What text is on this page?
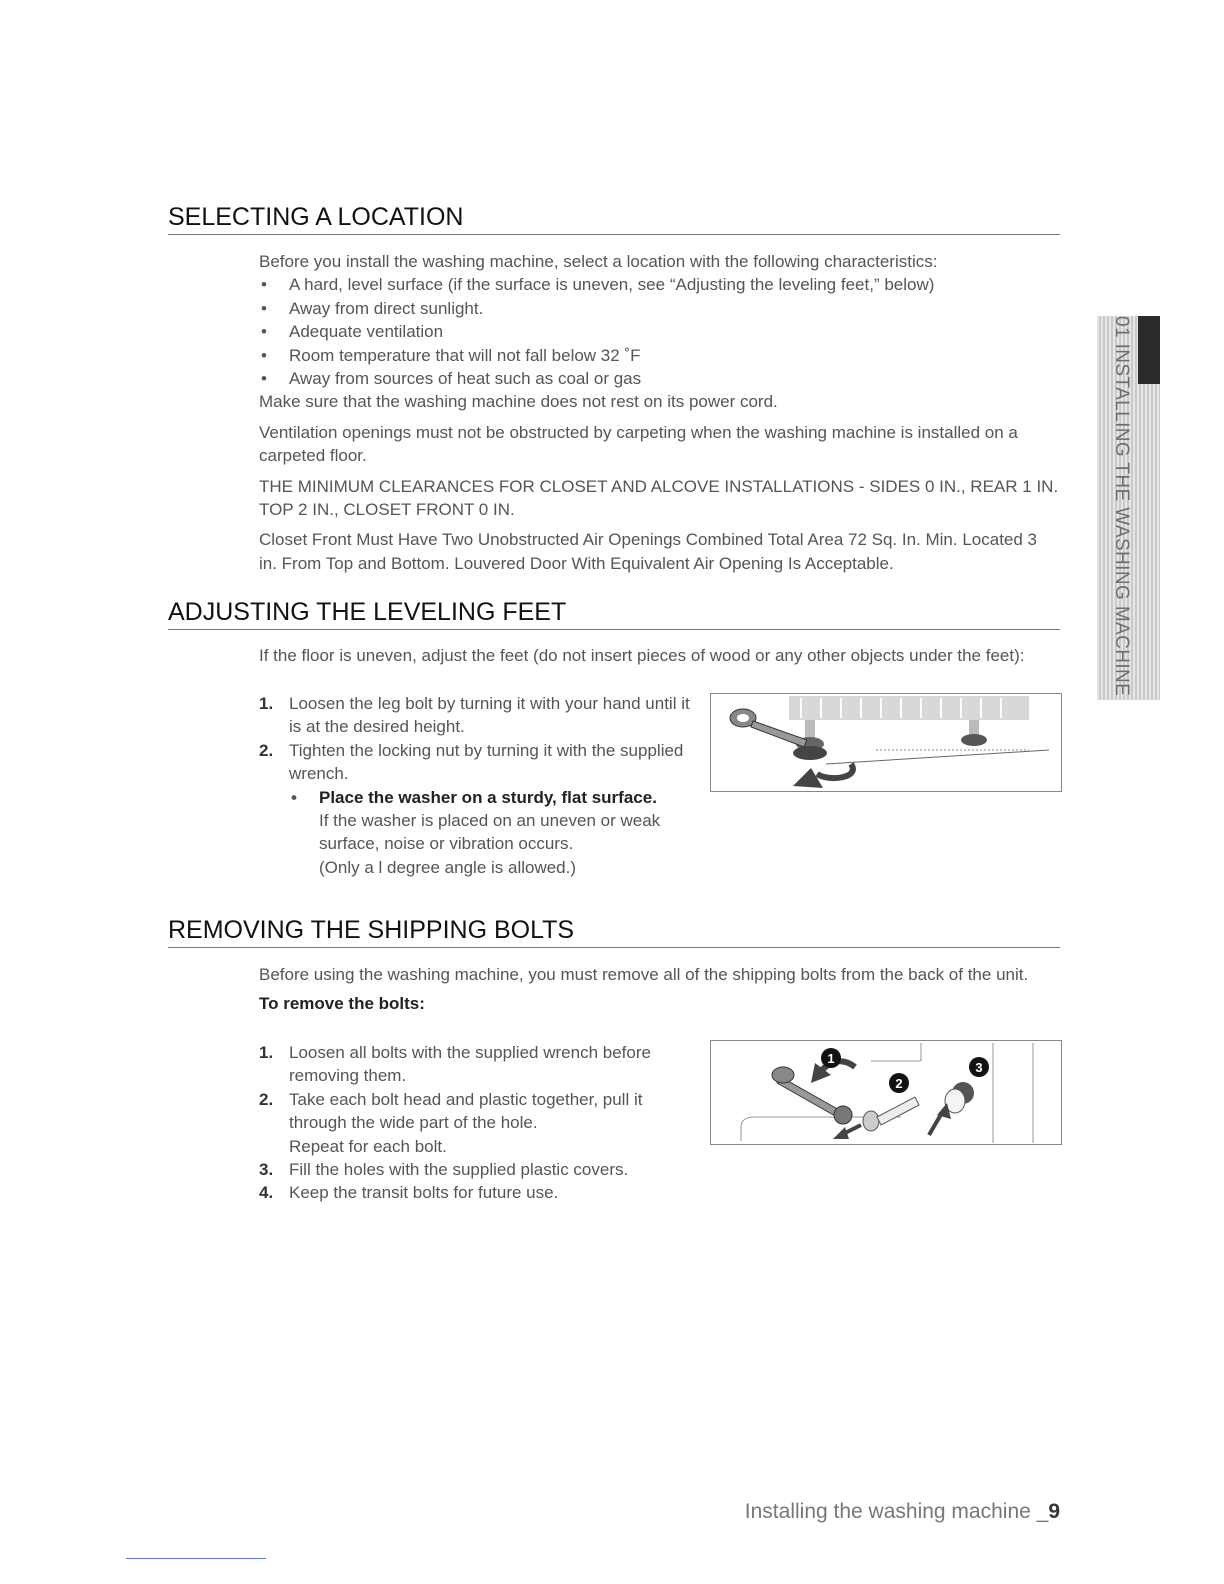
SELECTING A LOCATION

Before you install the washing machine, select a location with the following characteristics:

• A hard, level surface (if the surface is uneven, see “Adjusting the leveling feet,” below)
• Away from direct sunlight.
• Adequate ventilation
• Room temperature that will not fall below 32 ˚F
• Away from sources of heat such as coal or gas

Make sure that the washing machine does not rest on its power cord.

Ventilation openings must not be obstructed by carpeting when the washing machine is installed on a carpeted floor.

THE MINIMUM CLEARANCES FOR CLOSET AND ALCOVE INSTALLATIONS - SIDES 0 IN., REAR 1 IN. TOP 2 IN., CLOSET FRONT 0 IN.

Closet Front Must Have Two Unobstructed Air Openings Combined Total Area 72 Sq. In. Min. Located 3 in. From Top and Bottom. Louvered Door With Equivalent Air Opening Is Acceptable.

ADJUSTING THE LEVELING FEET

If the floor is uneven, adjust the feet (do not insert pieces of wood or any other objects under the feet):

1. Loosen the leg bolt by turning it with your hand until it is at the desired height.
2. Tighten the locking nut by turning it with the supplied wrench.
• Place the washer on a sturdy, flat surface.
If the washer is placed on an uneven or weak surface, noise or vibration occurs.
(Only a l degree angle is allowed.)
REMOVING THE SHIPPING BOLTS

Before using the washing machine, you must remove all of the shipping bolts from the back of the unit.

To remove the bolts:

1. Loosen all bolts with the supplied wrench before removing them.
2. Take each bolt head and plastic together, pull it through the wide part of the hole.
Repeat for each bolt.
3. Fill the holes with the supplied plastic covers.
4. Keep the transit bolts for future use.
1
2
3
01 INSTALLING THE WASHING MACHINE
Installing the washing machine _9
